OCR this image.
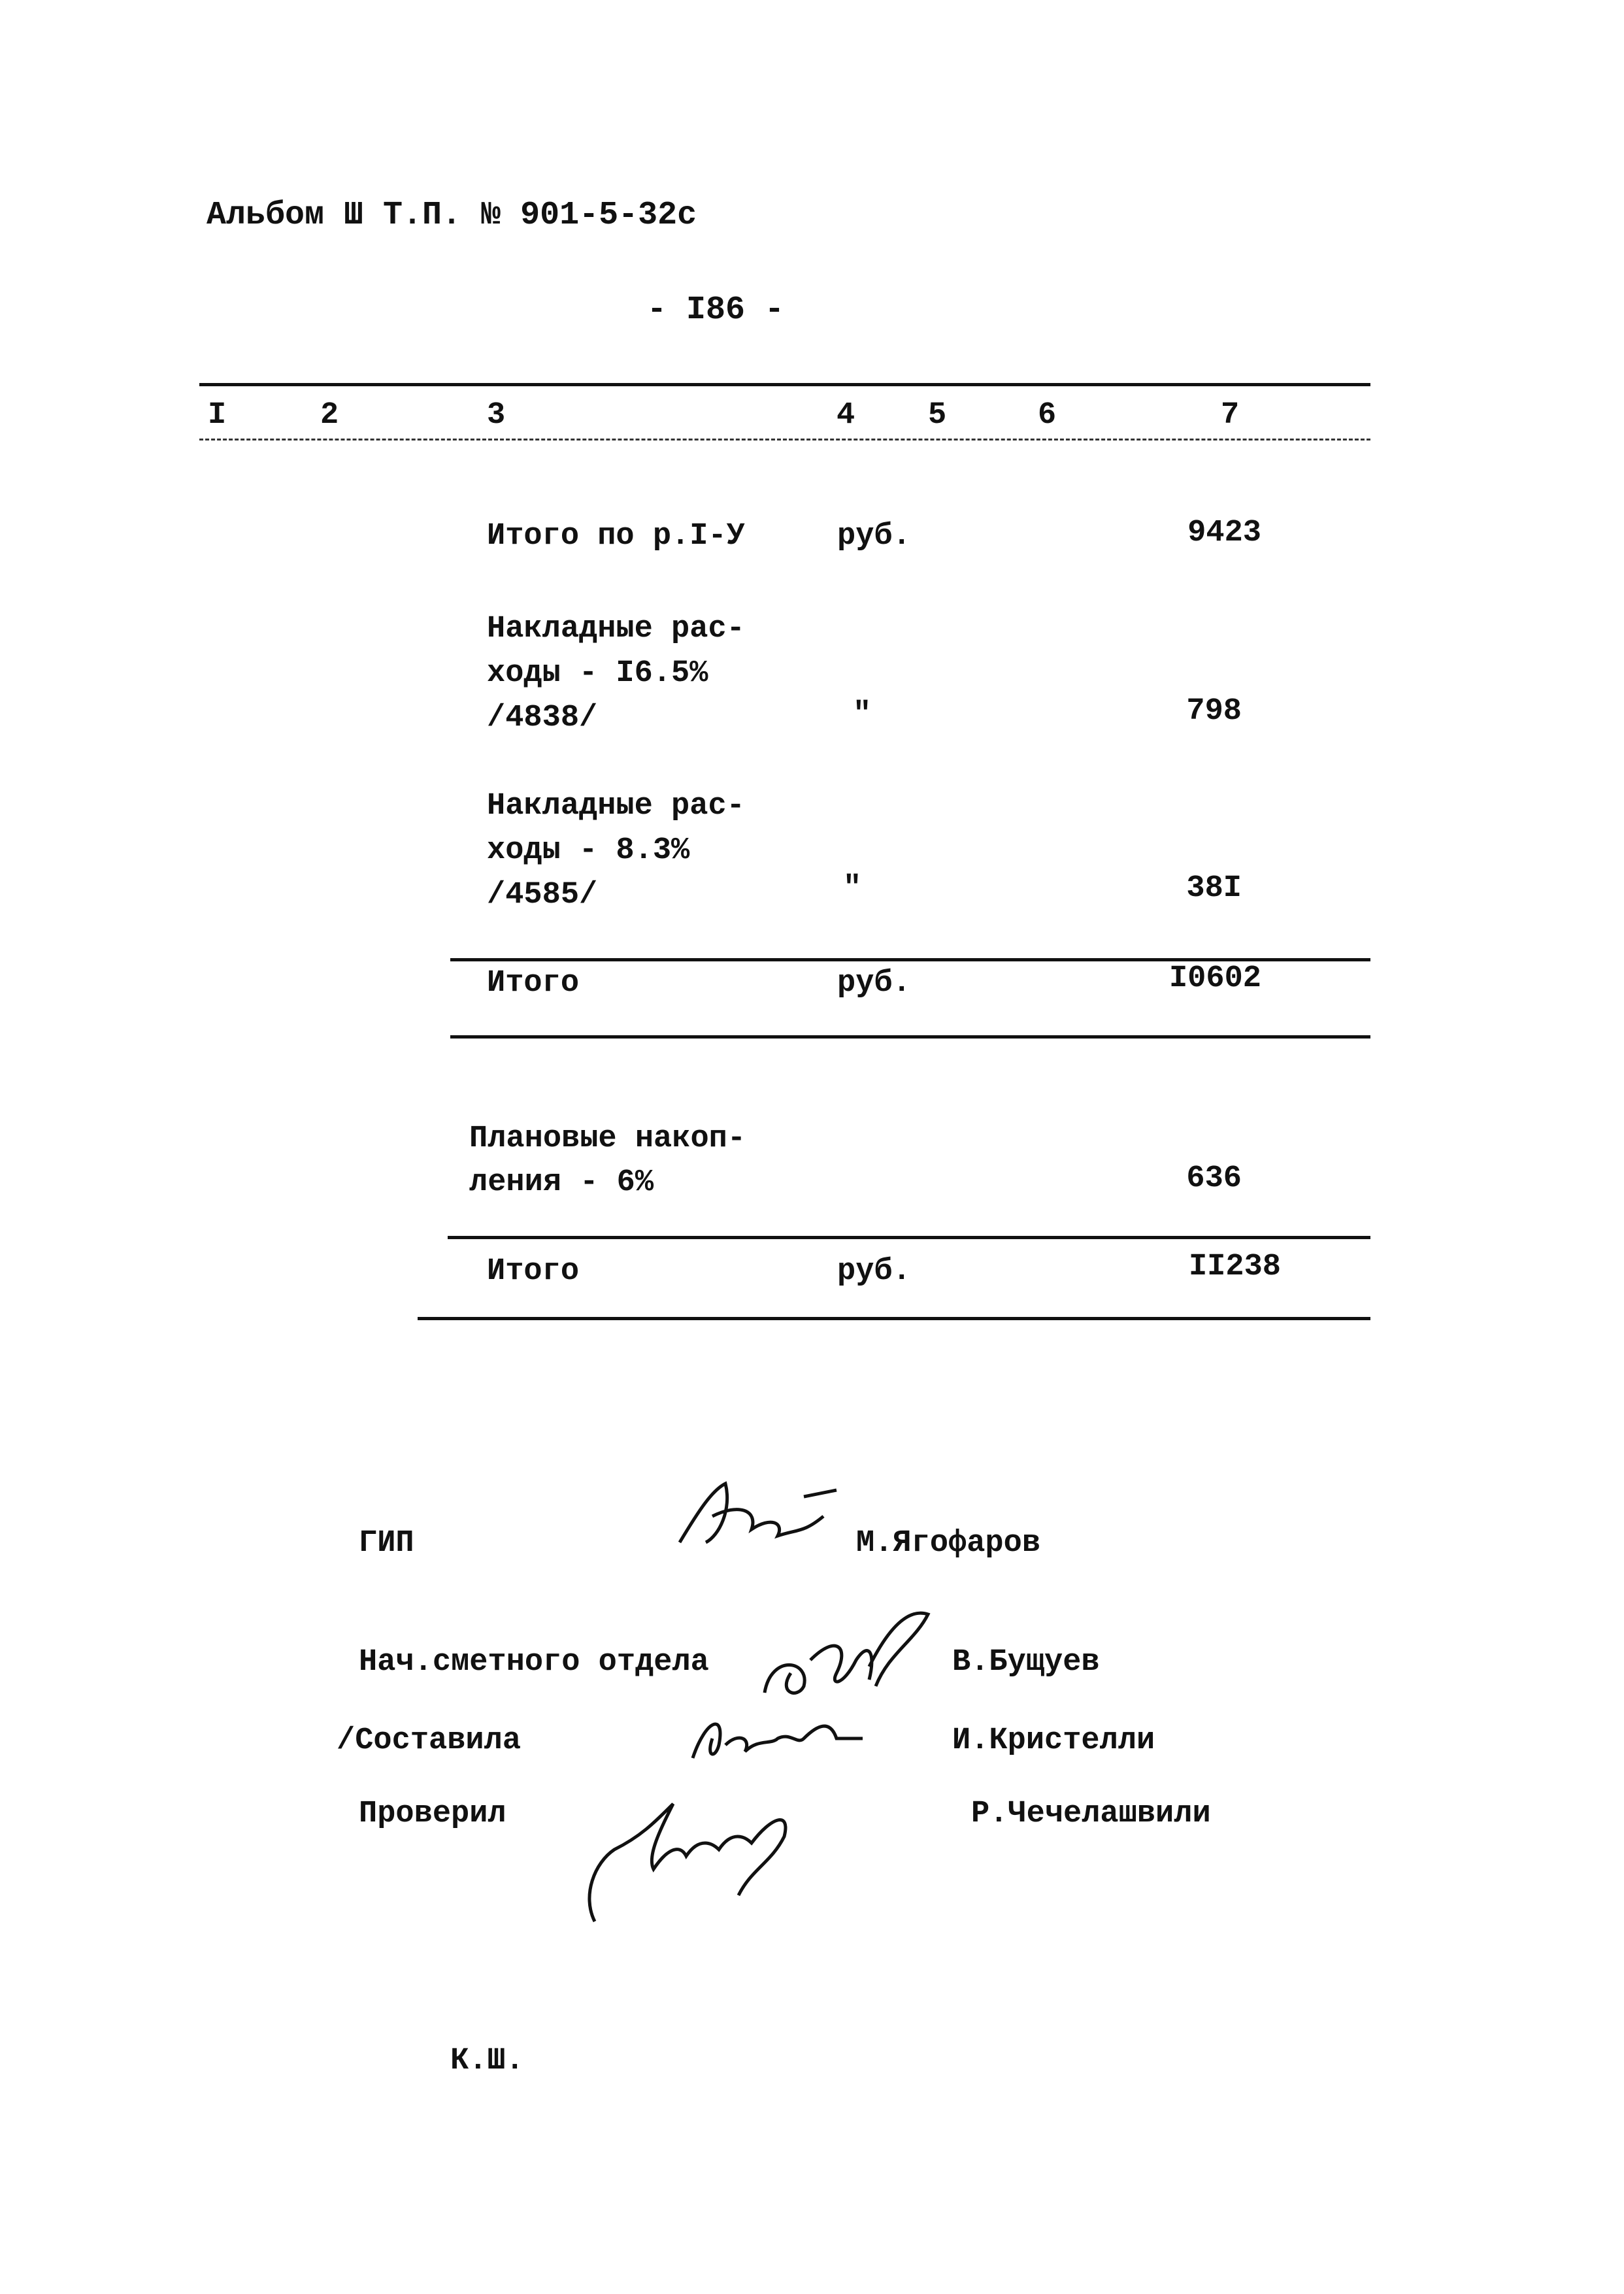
Альбом Ш Т.П. № 901-5-32с
- I86 -
I	2	3	4 5	6	7
Итого по р.I-У	руб.	9423
Накладные рас-
ходы - I6.5%
/4838/	"	798
Накладные рас-
ходы - 8.3%
/4585/	"	38I
Итого	руб.	I0602
Плановые накоп-
ления - 6%	636
Итого	руб.	II238
ГИП	М.Ягофаров
Нач.сметного отдела	В.Бущуев
/Составила	И.Кристелли
Проверил	Р.Чечелашвили
К.Ш.
